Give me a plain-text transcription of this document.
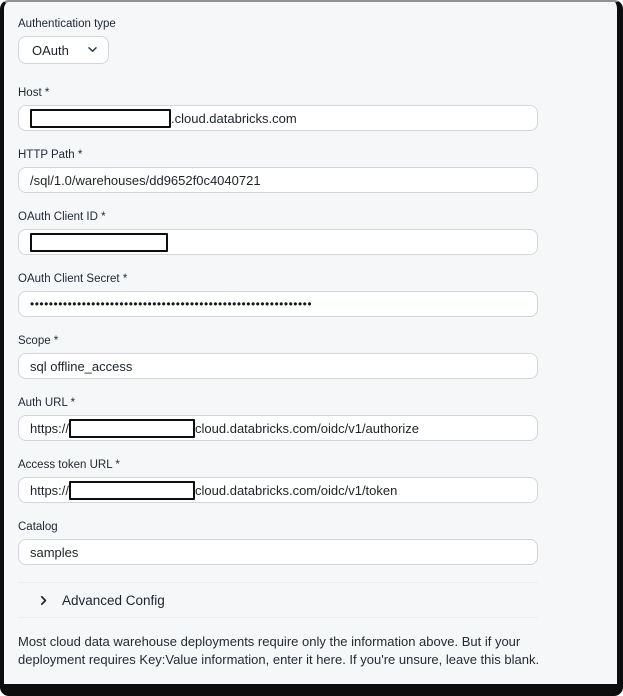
Authentication type
OAuth
Host *
.cloud.databricks.com
HTTP Path *
/sql/1.0/warehouses/dd9652f0c4040721
OAuth Client ID *
OAuth Client Secret *
••••••••••••••••••••••••••••••••••••••••••••••••••••••••••••
Scope *
sql offline_access
Auth URL *
https://	cloud.databricks.com/oidc/v1/authorize
Access token URL *
https://	cloud.databricks.com/oidc/v1/token
Catalog
samples
Advanced Config

Most cloud data warehouse deployments require only the information above. But if your deployment requires Key:Value information, enter it here. If you're unsure, leave this blank.
